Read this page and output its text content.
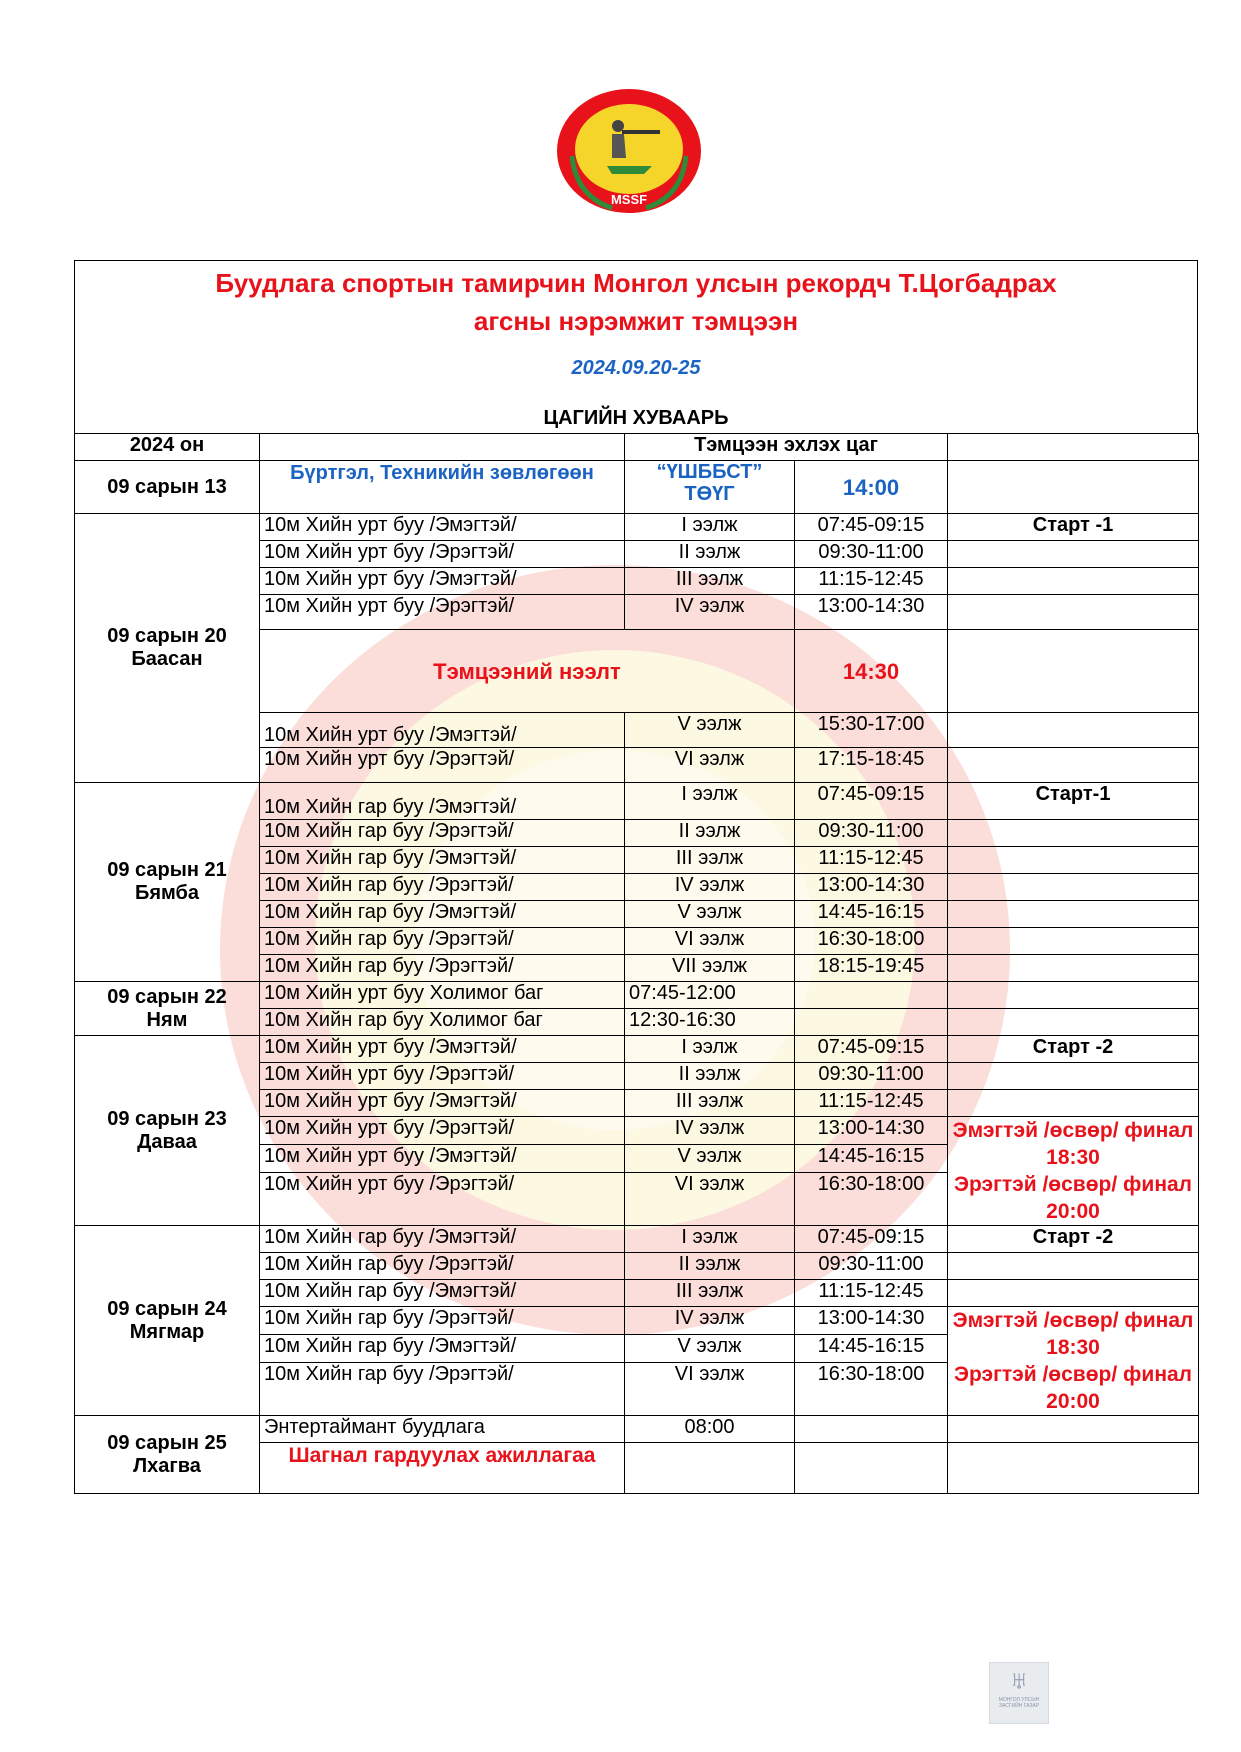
MSSF
Буудлага спортын тамирчин Монгол улсын рекордч Т.Цогбадрах
агсны нэрэмжит тэмцээн
2024.09.20-25
ЦАГИЙН ХУВААРЬ
2024 он		Тэмцээн эхлэх цаг		
09 сарын 13	Бүртгэл, Техникийн зөвлөгөөн	“ҮШББСТ” ТӨҮГ	14:00	
09 сарын 20
Баасан	10м Хийн урт буу /Эмэгтэй/	I ээлж	07:45-09:15	Старт -1
	10м Хийн урт буу /Эрэгтэй/	II ээлж	09:30-11:00	
	10м Хийн урт буу /Эмэгтэй/	III ээлж	11:15-12:45	
	10м Хийн урт буу /Эрэгтэй/	IV ээлж	13:00-14:30	
	Тэмцээний нээлт		14:30	
	10м Хийн урт буу /Эмэгтэй/	V ээлж	15:30-17:00	
	10м Хийн урт буу /Эрэгтэй/	VI ээлж	17:15-18:45	
09 сарын 21
Бямба	10м Хийн гар буу /Эмэгтэй/	I ээлж	07:45-09:15	Старт-1
	10м Хийн гар буу /Эрэгтэй/	II ээлж	09:30-11:00	
	10м Хийн гар буу /Эмэгтэй/	III ээлж	11:15-12:45	
	10м Хийн гар буу /Эрэгтэй/	IV ээлж	13:00-14:30	
	10м Хийн гар буу /Эмэгтэй/	V ээлж	14:45-16:15	
	10м Хийн гар буу /Эрэгтэй/	VI ээлж	16:30-18:00	
	10м Хийн гар буу /Эрэгтэй/	VII ээлж	18:15-19:45	
09 сарын 22
Ням	10м Хийн урт буу Холимог баг	07:45-12:00		
	10м Хийн гар буу Холимог баг	12:30-16:30		
09 сарын 23
Даваа	10м Хийн урт буу /Эмэгтэй/	I ээлж	07:45-09:15	Старт -2
	10м Хийн урт буу /Эрэгтэй/	II ээлж	09:30-11:00	
	10м Хийн урт буу /Эмэгтэй/	III ээлж	11:15-12:45	
	10м Хийн урт буу /Эрэгтэй/	IV ээлж	13:00-14:30	Эмэгтэй /өсвөр/ финал 18:30
Эрэгтэй /өсвөр/ финал 20:00

	10м Хийн урт буу /Эмэгтэй/	V ээлж	14:45-16:15	
	10м Хийн урт буу /Эрэгтэй/	VI ээлж	16:30-18:00	
09 сарын 24
Мягмар	10м Хийн гар буу /Эмэгтэй/	I ээлж	07:45-09:15	Старт -2
	10м Хийн гар буу /Эрэгтэй/	II ээлж	09:30-11:00	
	10м Хийн гар буу /Эмэгтэй/	III ээлж	11:15-12:45	
	10м Хийн гар буу /Эрэгтэй/	IV ээлж	13:00-14:30	Эмэгтэй /өсвөр/ финал 18:30
Эрэгтэй /өсвөр/ финал 20:00

	10м Хийн гар буу /Эмэгтэй/	V ээлж	14:45-16:15	
	10м Хийн гар буу /Эрэгтэй/	VI ээлж	16:30-18:00	
09 сарын 25
Лхагва	Энтертаймант буудлага	08:00		
	Шагнал гардуулах ажиллагаа			
♅
МОНГОЛ УЛСЫН ЗАСГИЙН ГАЗАР
